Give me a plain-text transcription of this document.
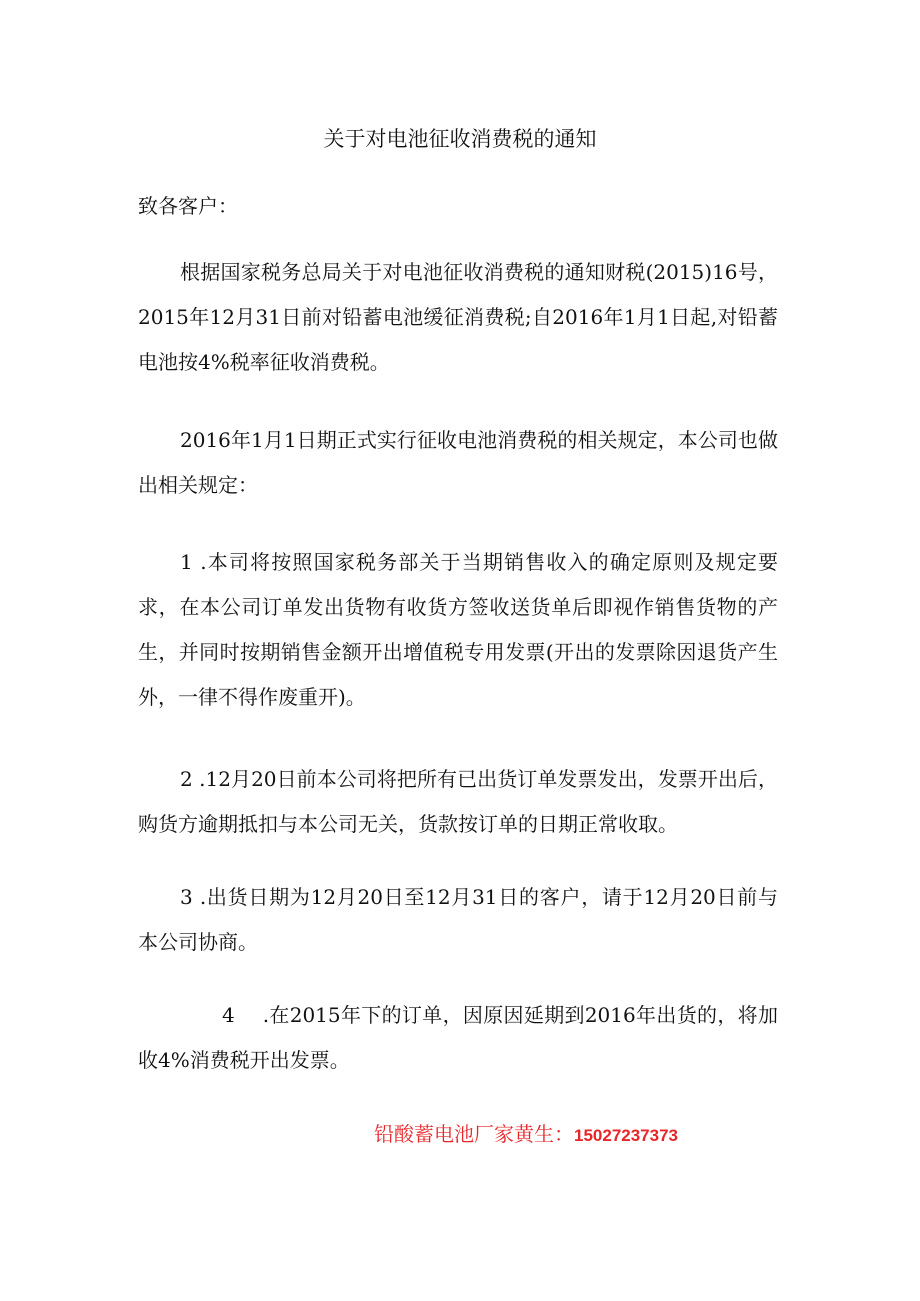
关于对电池征收消费税的通知
致各客户：

根据国家税务总局关于对电池征收消费税的通知财税(2015)16号，2015年12月31日前对铅蓄电池缓征消费税;自2016年1月1日起,对铅蓄电池按4%税率征收消费税。

2016年1月1日期正式实行征收电池消费税的相关规定，本公司也做出相关规定：

1 .本司将按照国家税务部关于当期销售收入的确定原则及规定要求，在本公司订单发出货物有收货方签收送货单后即视作销售货物的产生，并同时按期销售金额开出增值税专用发票(开出的发票除因退货产生外，一律不得作废重开)。

2 .12月20日前本公司将把所有已出货订单发票发出，发票开出后，购货方逾期抵扣与本公司无关，货款按订单的日期正常收取。

3 .出货日期为12月20日至12月31日的客户，请于12月20日前与本公司协商。

4 .在2015年下的订单，因原因延期到2016年出货的，将加收4%消费税开出发票。

铅酸蓄电池厂家黄生：15027237373
